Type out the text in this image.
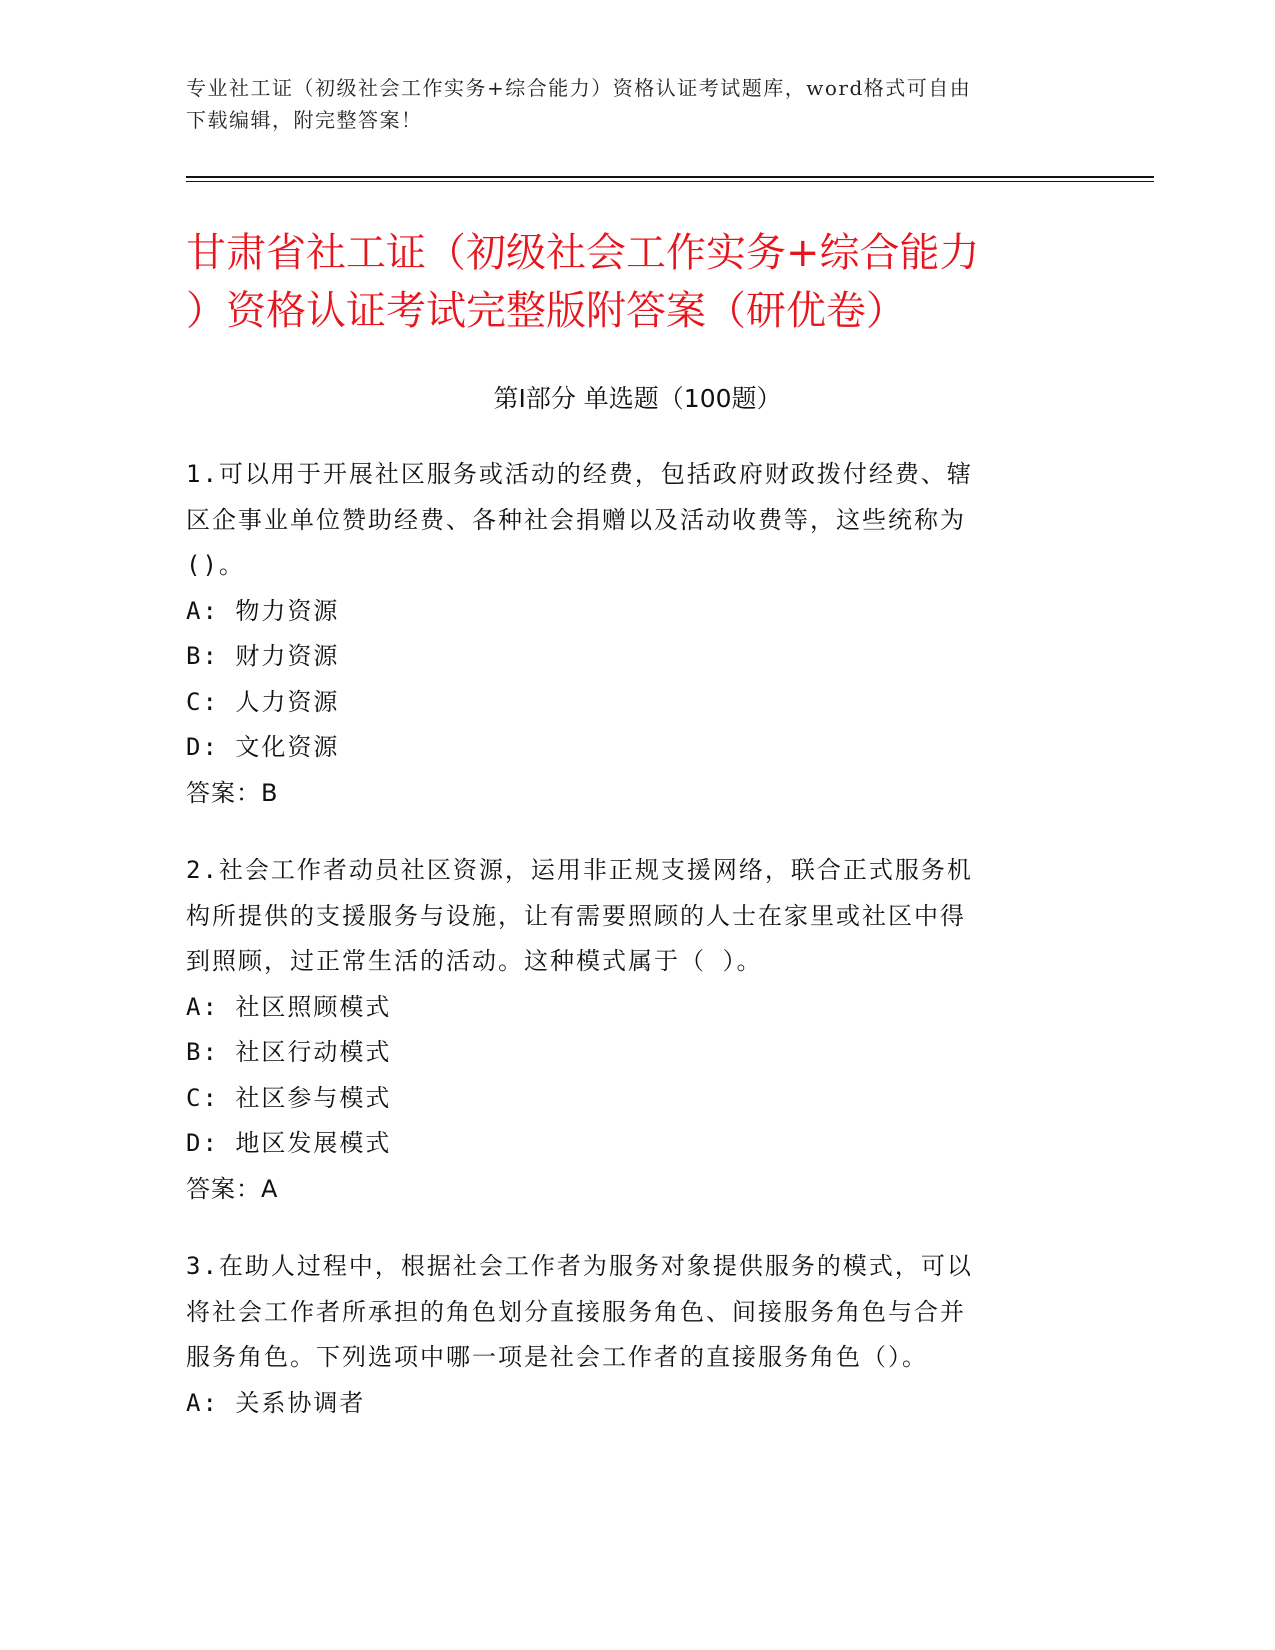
专业社工证（初级社会工作实务+综合能力）资格认证考试题库，word格式可自由
下载编辑，附完整答案！
甘肃省社工证（初级社会工作实务+综合能力
）资格认证考试完整版附答案（研优卷）
第Ⅰ部分 单选题（100题）
1.可以用于开展社区服务或活动的经费，包括政府财政拨付经费、辖
区企事业单位赞助经费、各种社会捐赠以及活动收费等，这些统称为
()。
A: 物力资源
B: 财力资源
C: 人力资源
D: 文化资源
答案：B
2.社会工作者动员社区资源，运用非正规支援网络，联合正式服务机
构所提供的支援服务与设施，让有需要照顾的人士在家里或社区中得
到照顾，过正常生活的活动。这种模式属于（ ）。
A: 社区照顾模式
B: 社区行动模式
C: 社区参与模式
D: 地区发展模式
答案：A
3.在助人过程中，根据社会工作者为服务对象提供服务的模式，可以
将社会工作者所承担的角色划分直接服务角色、间接服务角色与合并
服务角色。下列选项中哪一项是社会工作者的直接服务角色（）。
A: 关系协调者
